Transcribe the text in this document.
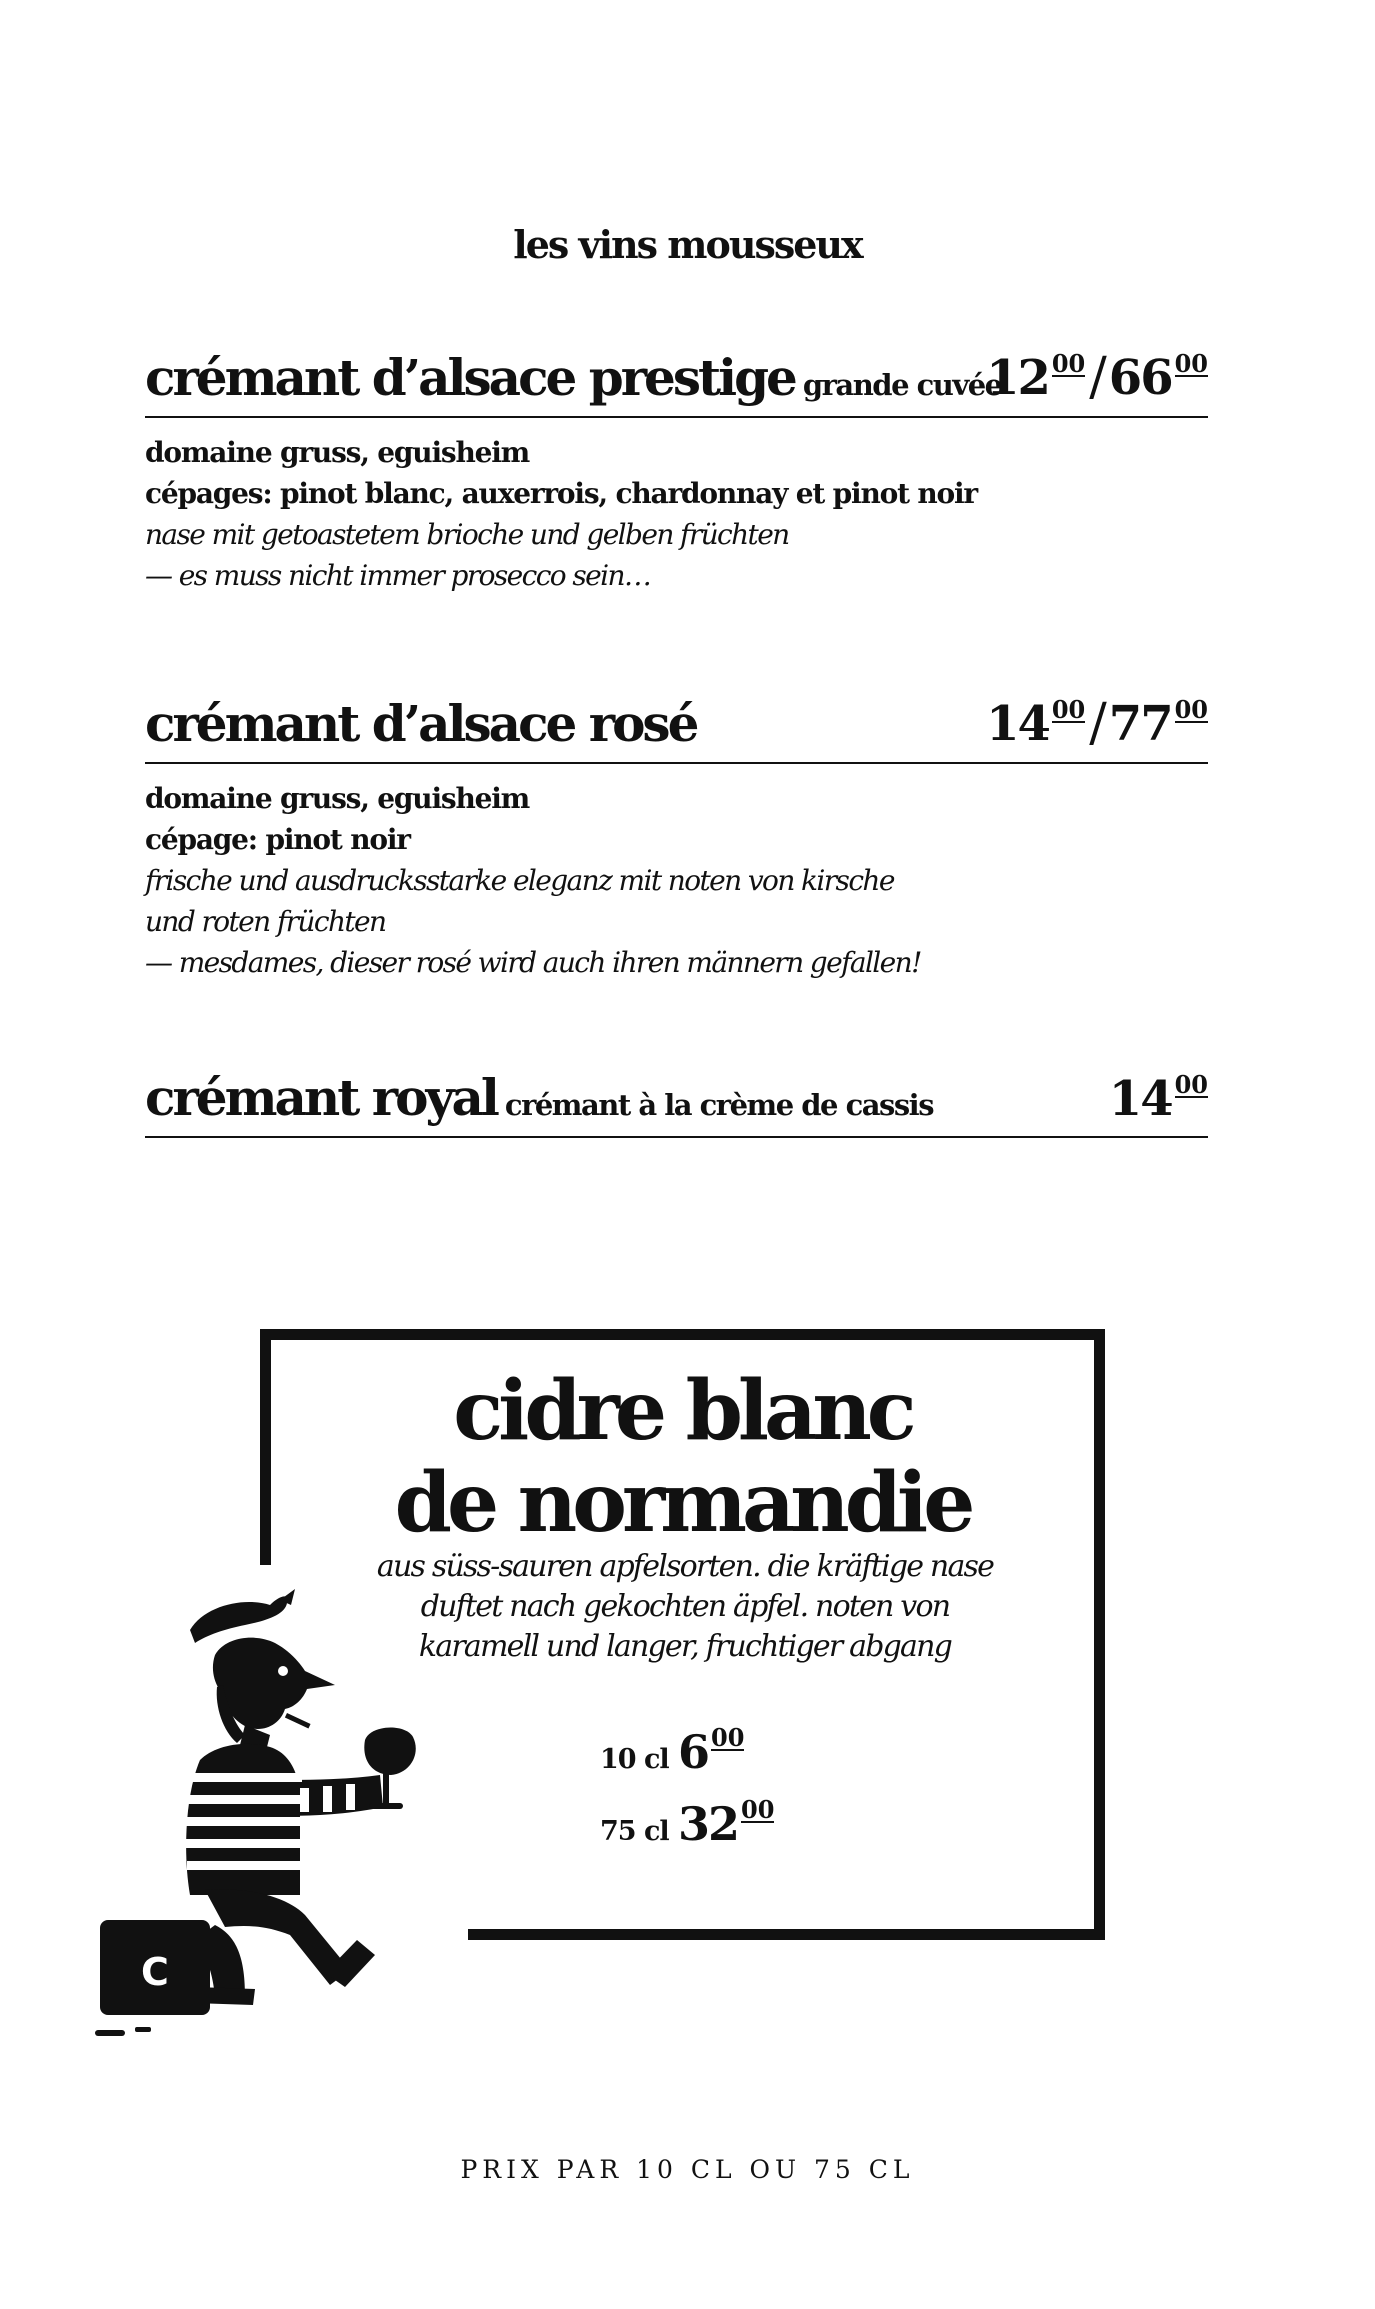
les vins mousseux
crémant d’alsace prestige grande cuvée
12 00/66 00
domaine gruss, eguisheim
cépages: pinot blanc, auxerrois, chardonnay et pinot noir
nase mit getoastetem brioche und gelben früchten
— es muss nicht immer prosecco sein…
crémant d’alsace rosé	14 00/77 00
domaine gruss, eguisheim
cépage: pinot noir
frische und ausdrucksstarke eleganz mit noten von kirsche
und roten früchten
— mesdames, dieser rosé wird auch ihren männern gefallen!
crémant royal crémant à la crème de cassis	14 00
cidre blanc
de normandie
aus süss-sauren apfelsorten. die kräftige nase
duftet nach gekochten äpfel. noten von
karamell und langer, fruchtiger abgang
10 cl 6 00
75 cl 32 00
C
PRIX PAR 10 CL OU 75 CL
